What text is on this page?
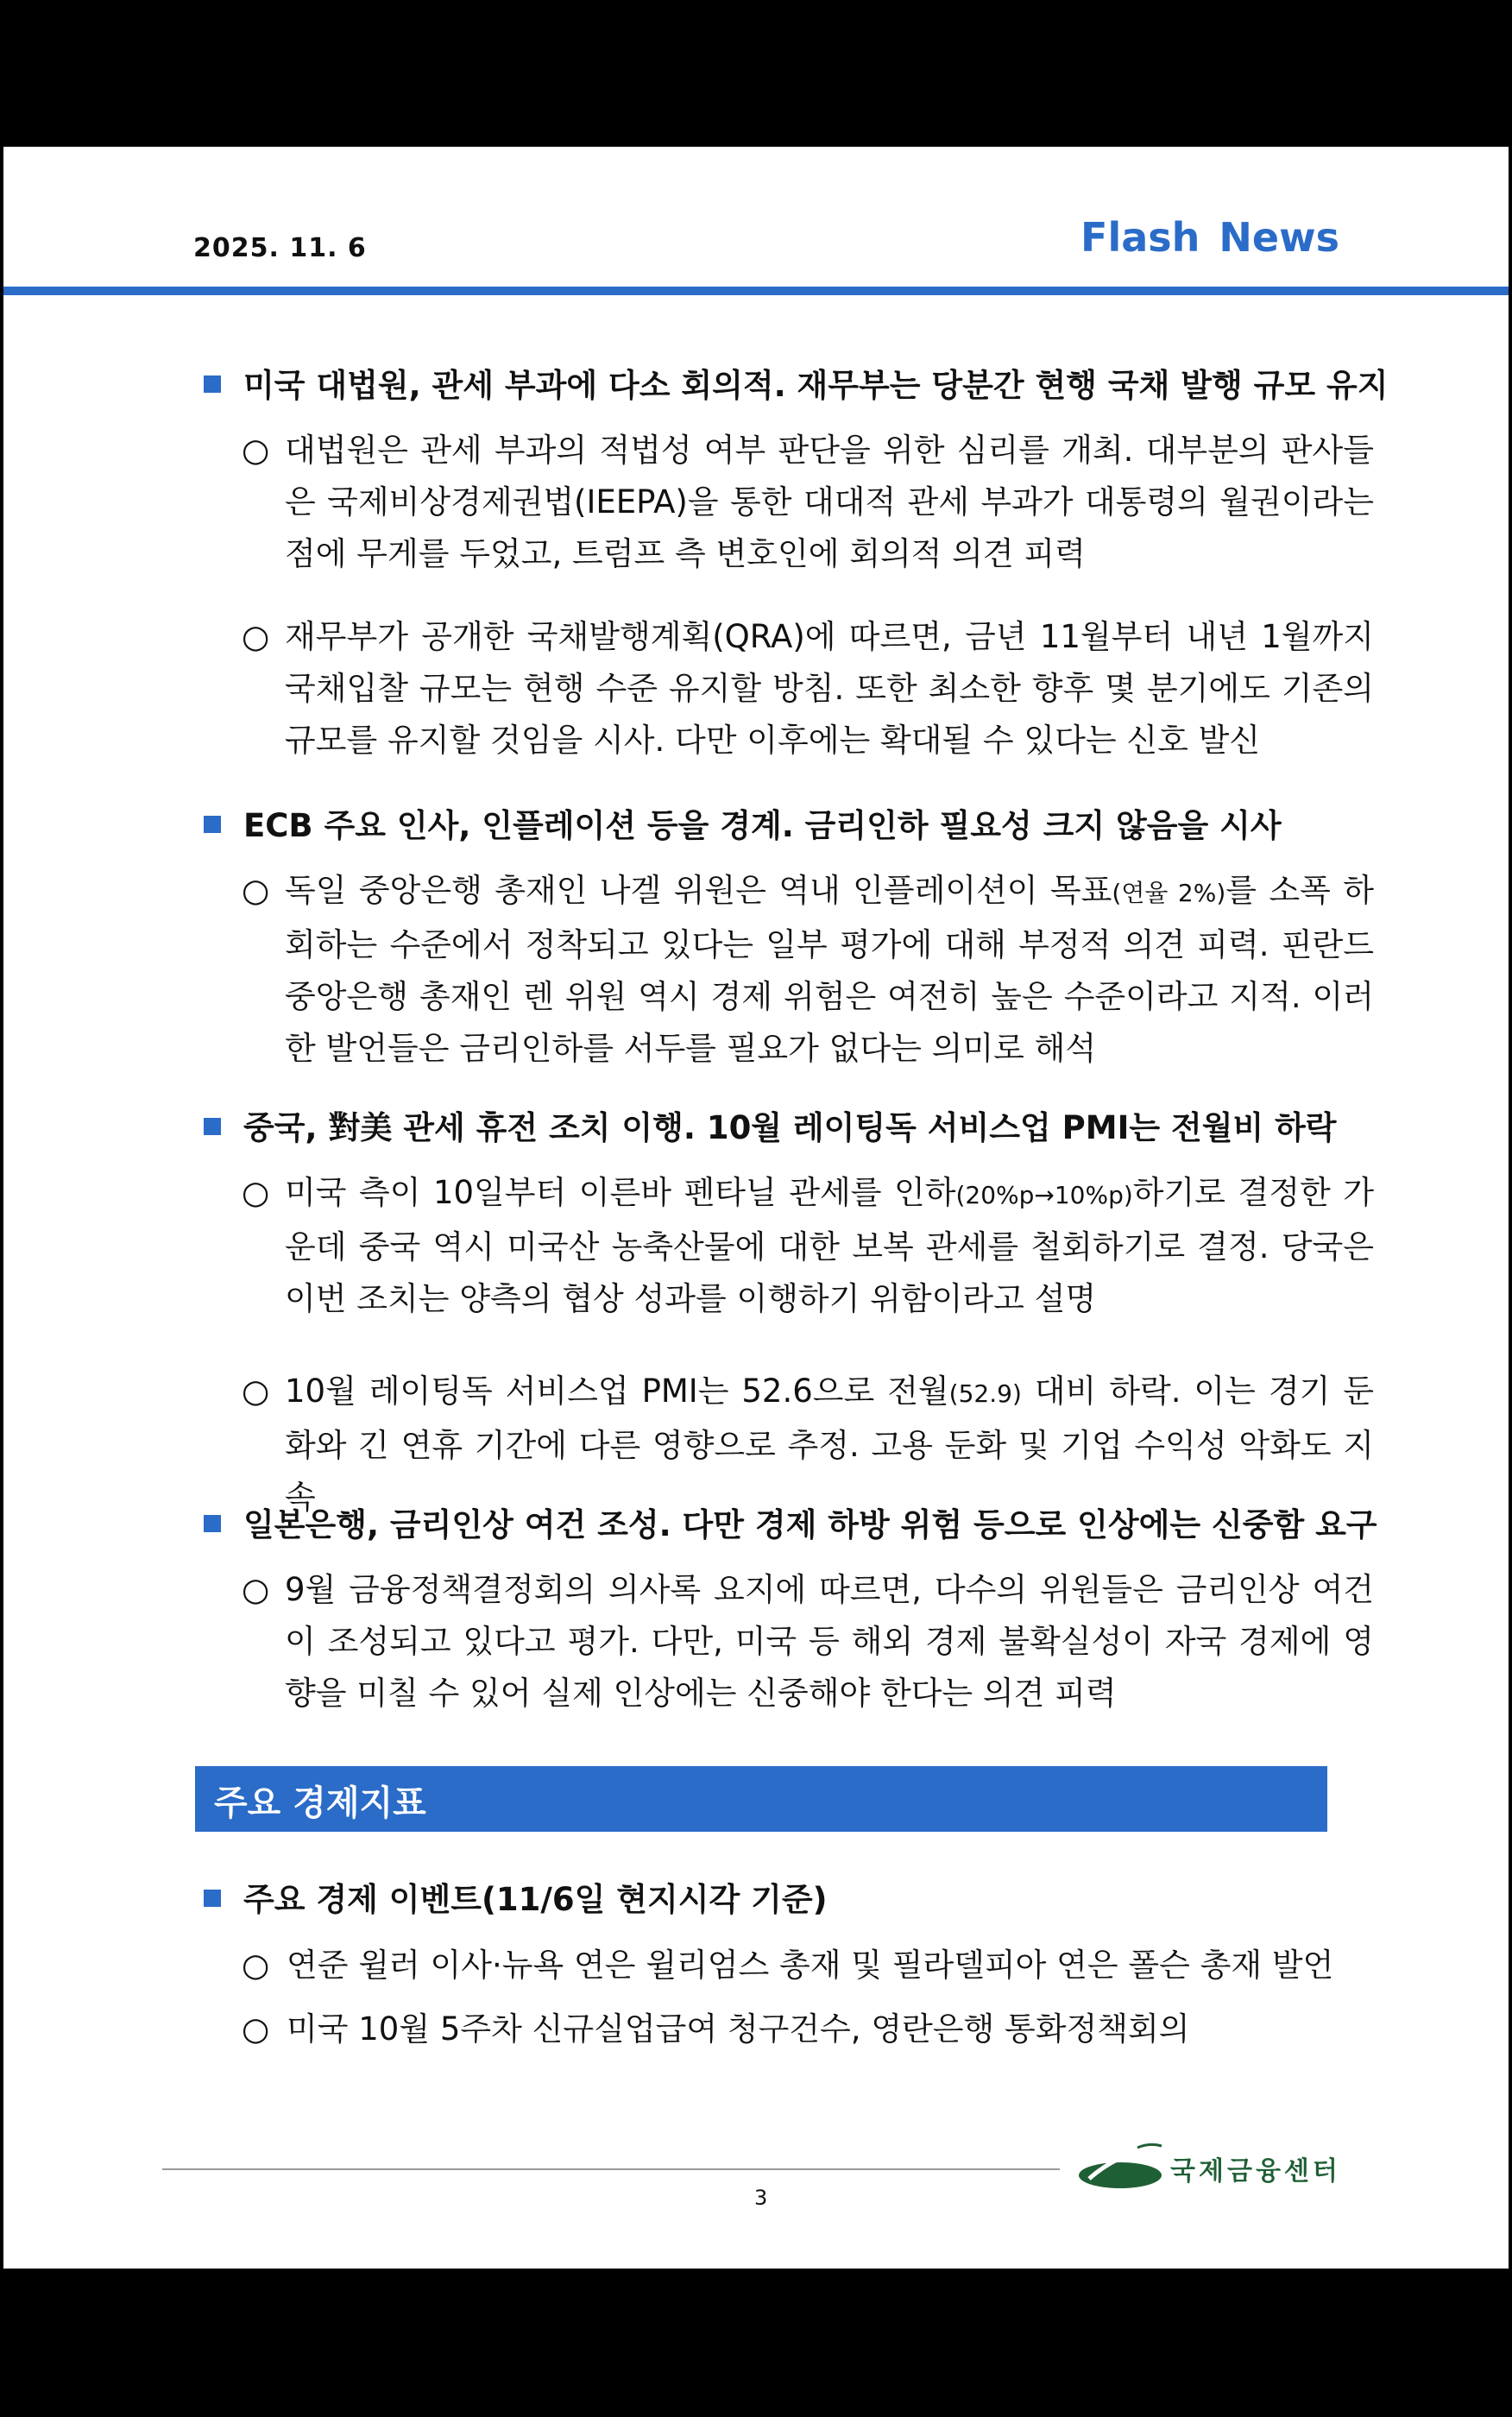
2025. 11. 6	Flash News
미국 대법원, 관세 부과에 다소 회의적. 재무부는 당분간 현행 국채 발행 규모 유지
○ 대법원은 관세 부과의 적법성 여부 판단을 위한 심리를 개최. 대부분의 판사들은 국제비상경제권법(IEEPA)을 통한 대대적 관세 부과가 대통령의 월권이라는 점에 무게를 두었고, 트럼프 측 변호인에 회의적 의견 피력
○ 재무부가 공개한 국채발행계획(QRA)에 따르면, 금년 11월부터 내년 1월까지 국채입찰 규모는 현행 수준 유지할 방침. 또한 최소한 향후 몇 분기에도 기존의 규모를 유지할 것임을 시사. 다만 이후에는 확대될 수 있다는 신호 발신
ECB 주요 인사, 인플레이션 등을 경계. 금리인하 필요성 크지 않음을 시사
○ 독일 중앙은행 총재인 나겔 위원은 역내 인플레이션이 목표(연율 2%)를 소폭 하회하는 수준에서 정착되고 있다는 일부 평가에 대해 부정적 의견 피력. 핀란드 중앙은행 총재인 렌 위원 역시 경제 위험은 여전히 높은 수준이라고 지적. 이러한 발언들은 금리인하를 서두를 필요가 없다는 의미로 해석
중국, 對美 관세 휴전 조치 이행. 10월 레이팅독 서비스업 PMI는 전월비 하락
○ 미국 측이 10일부터 이른바 펜타닐 관세를 인하(20%p→10%p)하기로 결정한 가운데 중국 역시 미국산 농축산물에 대한 보복 관세를 철회하기로 결정. 당국은 이번 조치는 양측의 협상 성과를 이행하기 위함이라고 설명
○ 10월 레이팅독 서비스업 PMI는 52.6으로 전월(52.9) 대비 하락. 이는 경기 둔화와 긴 연휴 기간에 다른 영향으로 추정. 고용 둔화 및 기업 수익성 악화도 지속
일본은행, 금리인상 여건 조성. 다만 경제 하방 위험 등으로 인상에는 신중함 요구
○ 9월 금융정책결정회의 의사록 요지에 따르면, 다수의 위원들은 금리인상 여건이 조성되고 있다고 평가. 다만, 미국 등 해외 경제 불확실성이 자국 경제에 영향을 미칠 수 있어 실제 인상에는 신중해야 한다는 의견 피력
주요 경제지표
주요 경제 이벤트(11/6일 현지시각 기준)
○ 연준 윌러 이사·뉴욕 연은 윌리엄스 총재 및 필라델피아 연은 폴슨 총재 발언
○ 미국 10월 5주차 신규실업급여 청구건수, 영란은행 통화정책회의
국제금융센터
3
